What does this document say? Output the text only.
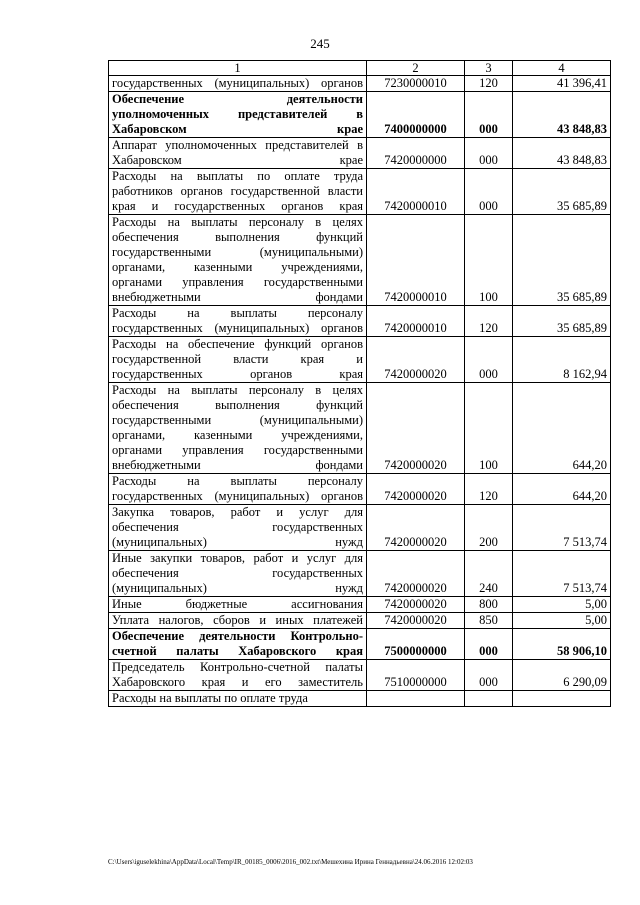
245
1	2	3	4
государственных (муниципальных) органов	7230000010	120	41 396,41
Обеспечение деятельности уполномоченных представителей в Хабаровском крае	7400000000	000	43 848,83
Аппарат уполномоченных представителей в Хабаровском крае	7420000000	000	43 848,83
Расходы на выплаты по оплате труда работников органов государственной власти края и государственных органов края	7420000010	000	35 685,89
Расходы на выплаты персоналу в целях обеспечения выполнения функций государственными (муниципальными) органами, казенными учреждениями, органами управления государственными внебюджетными фондами	7420000010	100	35 685,89
Расходы на выплаты персоналу государственных (муниципальных) органов	7420000010	120	35 685,89
Расходы на обеспечение функций органов государственной власти края и государственных органов края	7420000020	000	8 162,94
Расходы на выплаты персоналу в целях обеспечения выполнения функций государственными (муниципальными) органами, казенными учреждениями, органами управления государственными внебюджетными фондами	7420000020	100	644,20
Расходы на выплаты персоналу государственных (муниципальных) органов	7420000020	120	644,20
Закупка товаров, работ и услуг для обеспечения государственных (муниципальных) нужд	7420000020	200	7 513,74
Иные закупки товаров, работ и услуг для обеспечения государственных (муниципальных) нужд	7420000020	240	7 513,74
Иные бюджетные ассигнования	7420000020	800	5,00
Уплата налогов, сборов и иных платежей	7420000020	850	5,00
Обеспечение деятельности Контрольно-счетной палаты Хабаровского края	7500000000	000	58 906,10
Председатель Контрольно-счетной палаты Хабаровского края и его заместитель	7510000000	000	6 290,09
Расходы на выплаты по оплате труда			
C:\Users\iguselekhina\AppData\Local\Temp\IR_00185_0006\2016_002.txt\Мешехина Ирина Геннадьевна\24.06.2016 12:02:03
